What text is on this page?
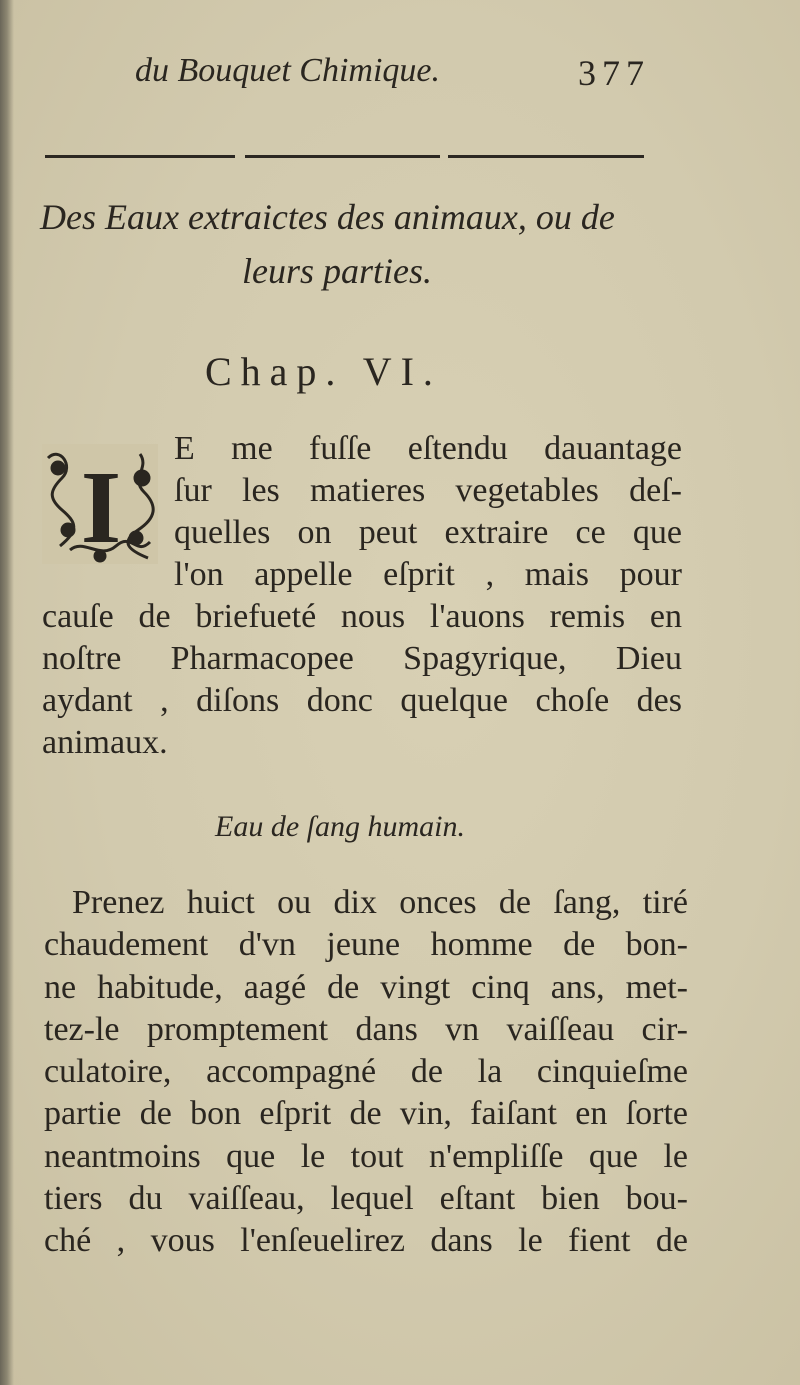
du Bouquet Chimique.	377
Des Eaux extraictes des animaux, ou de
leurs parties.
Chap. VI.
I
E me fuſſe eſtendu dauantage
ſur les matieres vegetables deſ-
quelles on peut extraire ce que
l'on appelle eſprit , mais pour
cauſe de briefueté nous l'auons remis en
noſtre Pharmacopee Spagyrique, Dieu
aydant , diſons donc quelque choſe des
animaux.
Eau de ſang humain.
Prenez huict ou dix onces de ſang, tiré
chaudement d'vn jeune homme de bon-
ne habitude, aagé de vingt cinq ans, met-
tez-le promptement dans vn vaiſſeau cir-
culatoire, accompagné de la cinquieſme
partie de bon eſprit de vin, faiſant en ſorte
neantmoins que le tout n'empliſſe que le
tiers du vaiſſeau, lequel eſtant bien bou-
ché , vous l'enſeuelirez dans le fient de
